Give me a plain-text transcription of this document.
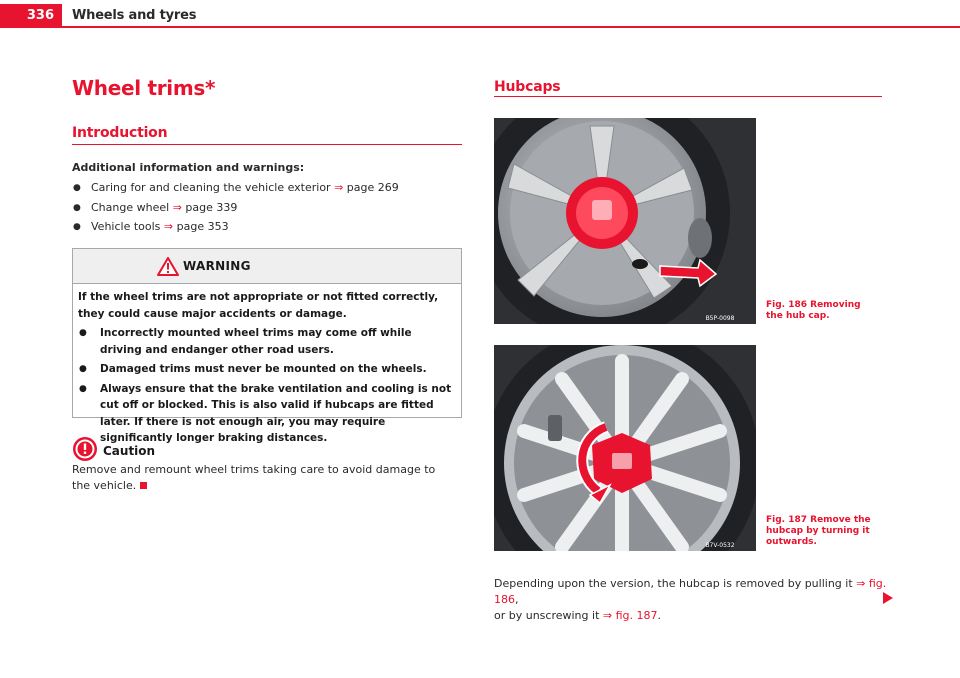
336	Wheels and tyres
Wheel trims*
Introduction
Additional information and warnings:
● Caring for and cleaning the vehicle exterior ⇒ page 269
● Change wheel ⇒ page 339
● Vehicle tools ⇒ page 353
WARNING

If the wheel trims are not appropriate or not fitted correctly, they could cause major accidents or damage.

● Incorrectly mounted wheel trims may come off while driving and endanger other road users.
● Damaged trims must never be mounted on the wheels.
● Always ensure that the brake ventilation and cooling is not cut off or blocked. This is also valid if hubcaps are fitted later. If there is not enough air, you may require significantly longer braking distances.
Caution
Remove and remount wheel trims taking care to avoid damage to the vehicle.
Hubcaps
B5P-0098
Fig. 186 Removing the hub cap.
B7V-0532
Fig. 187 Remove the hubcap by turning it outwards.
Depending upon the version, the hubcap is removed by pulling it ⇒ fig. 186,
or by unscrewing it ⇒ fig. 187.
